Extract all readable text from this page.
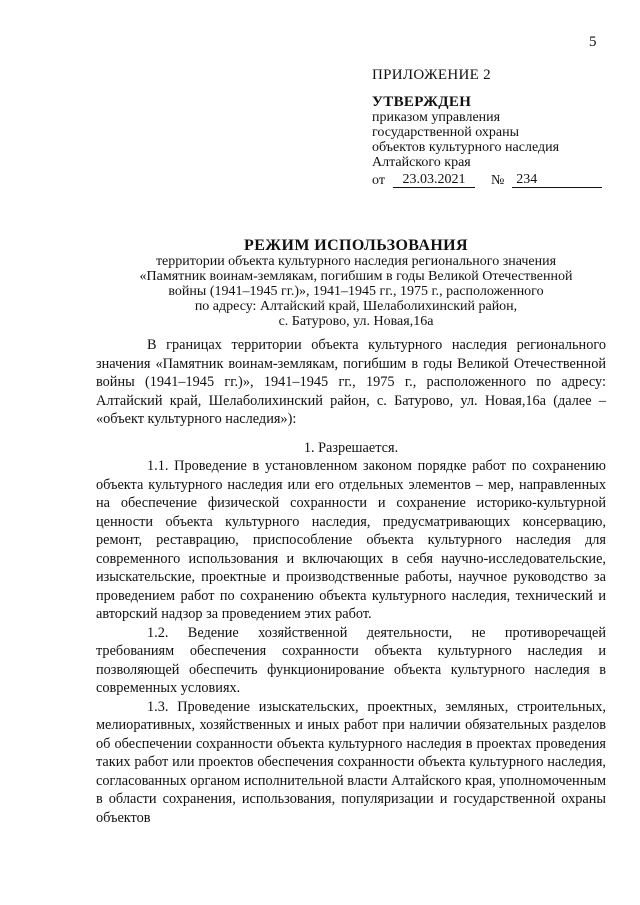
5
ПРИЛОЖЕНИЕ 2
УТВЕРЖДЕН
приказом управления
государственной охраны
объектов культурного наследия
Алтайского края
от	23.03.2021	№ 234
РЕЖИМ ИСПОЛЬЗОВАНИЯ
территории объекта культурного наследия регионального значения
«Памятник воинам-землякам, погибшим в годы Великой Отечественной
войны (1941–1945 гг.)», 1941–1945 гг., 1975 г., расположенного
по адресу: Алтайский край, Шелаболихинский район,
с. Батурово, ул. Новая,16а

В границах территории объекта культурного наследия регионального значения «Памятник воинам-землякам, погибшим в годы Великой Отечественной войны (1941–1945 гг.)», 1941–1945 гг., 1975 г., расположенного по адресу: Алтайский край, Шелаболихинский район, с. Батурово, ул. Новая,16а (далее – «объект культурного наследия»):

1. Разрешается.

1.1. Проведение в установленном законом порядке работ по сохранению объекта культурного наследия или его отдельных элементов – мер, направленных на обеспечение физической сохранности и сохранение историко-культурной ценности объекта культурного наследия, предусматривающих консервацию, ремонт, реставрацию, приспособление объекта культурного наследия для современного использования и включающих в себя научно-исследовательские, изыскательские, проектные и производственные работы, научное руководство за проведением работ по сохранению объекта культурного наследия, технический и авторский надзор за проведением этих работ.

1.2. Ведение хозяйственной деятельности, не противоречащей требованиям обеспечения сохранности объекта культурного наследия и позволяющей обеспечить функционирование объекта культурного наследия в современных условиях.

1.3. Проведение изыскательских, проектных, земляных, строительных, мелиоративных, хозяйственных и иных работ при наличии обязательных разделов об обеспечении сохранности объекта культурного наследия в проектах проведения таких работ или проектов обеспечения сохранности объекта культурного наследия, согласованных органом исполнительной власти Алтайского края, уполномоченным в области сохранения, использования, популяризации и государственной охраны объектов
